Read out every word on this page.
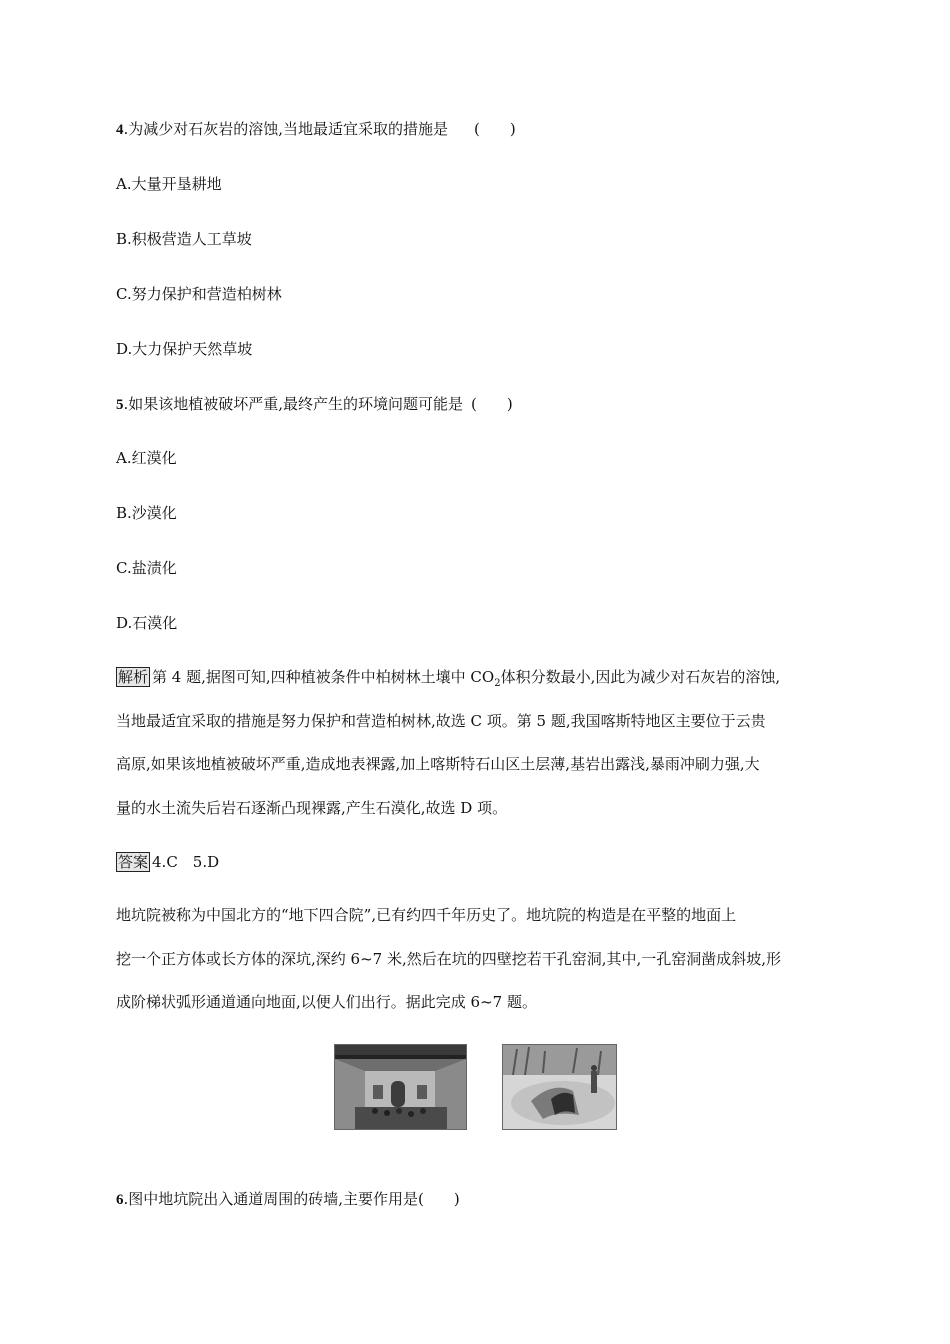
4.为减少对石灰岩的溶蚀,当地最适宜采取的措施是 (　　)
A.大量开垦耕地
B.积极营造人工草坡
C.努力保护和营造柏树林
D.大力保护天然草坡
5.如果该地植被破坏严重,最终产生的环境问题可能是 (　　)
A.红漠化
B.沙漠化
C.盐渍化
D.石漠化
解析 第 4 题,据图可知,四种植被条件中柏树林土壤中 $CO_2$体积分数最小,因此为减少对石灰岩的溶蚀,
当地最适宜采取的措施是努力保护和营造柏树林,故选 C 项。第 5 题,我国喀斯特地区主要位于云贵
高原,如果该地植被破坏严重,造成地表裸露,加上喀斯特石山区土层薄,基岩出露浅,暴雨冲刷力强,大
量的水土流失后岩石逐渐凸现裸露,产生石漠化,故选 D 项。
答案 4.C　5.D
地坑院被称为中国北方的“地下四合院”,已有约四千年历史了。地坑院的构造是在平整的地面上
挖一个正方体或长方体的深坑,深约 6~7 米,然后在坑的四壁挖若干孔窑洞,其中,一孔窑洞凿成斜坡,形
成阶梯状弧形通道通向地面,以便人们出行。据此完成 6~7 题。
6.图中地坑院出入通道周围的砖墙,主要作用是(　　)
